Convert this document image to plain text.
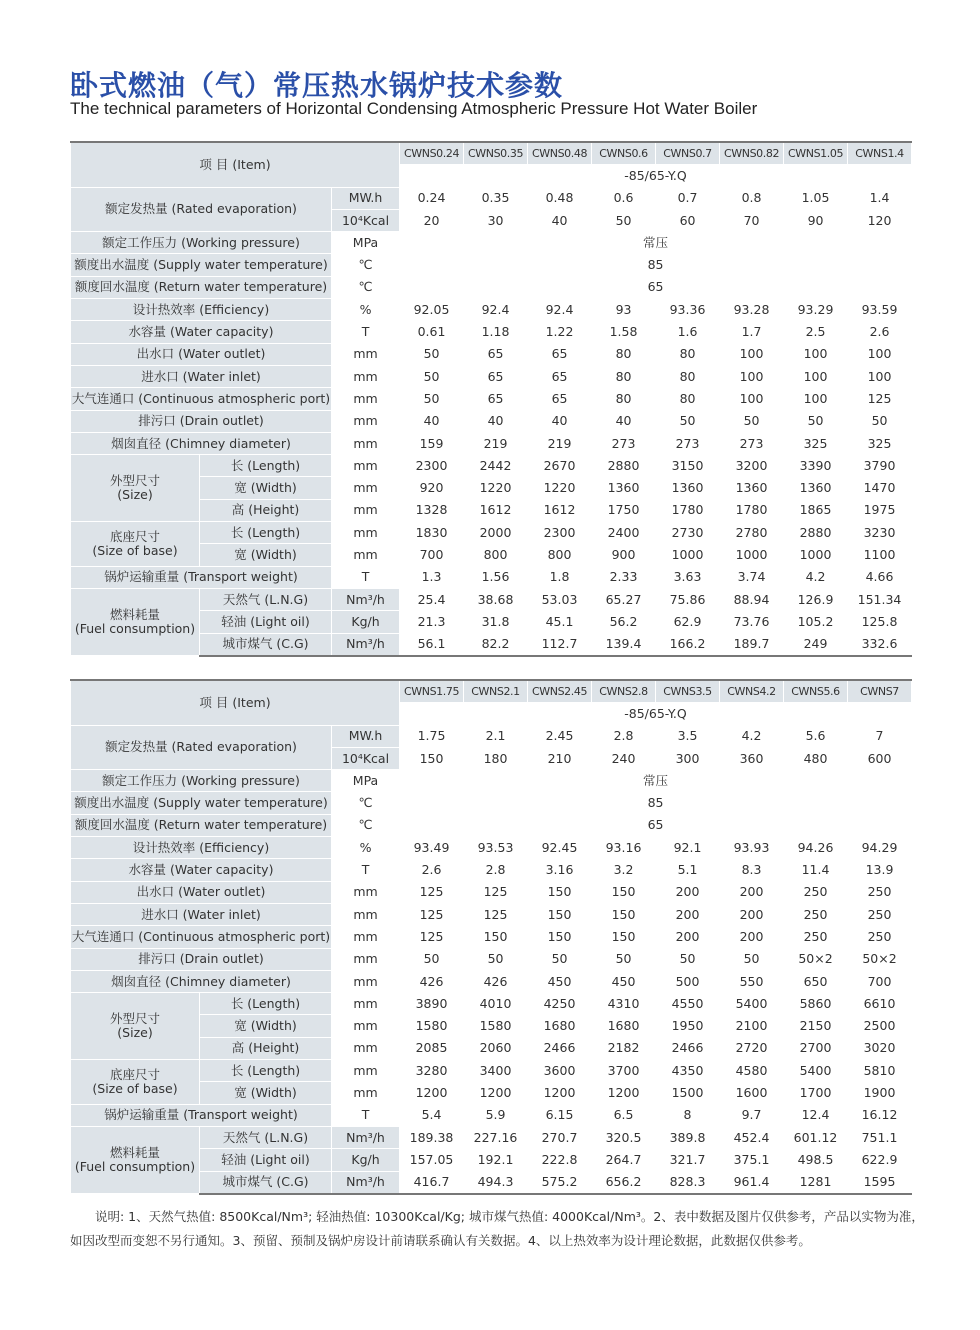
卧式燃油（气）常压热水锅炉技术参数
The technical parameters of Horizontal Condensing Atmospheric Pressure Hot Water Boiler
项 目 (Item)			CWNS0.24	CWNS0.35	CWNS0.48	CWNS0.6	CWNS0.7	CWNS0.82	CWNS1.05	CWNS1.4
			-85/65-Y.Q							
额定发热量 (Rated evaporation)		MW.h	0.24	0.35	0.48	0.6	0.7	0.8	1.05	1.4
		10⁴Kcal	20	30	40	50	60	70	90	120
额定工作压力 (Working pressure)		MPa	常压							
额度出水温度 (Supply water temperature)		℃	85							
额度回水温度 (Return water temperature)		℃	65							
设计热效率 (Efficiency)		%	92.05	92.4	92.4	93	93.36	93.28	93.29	93.59
水容量 (Water capacity)		T	0.61	1.18	1.22	1.58	1.6	1.7	2.5	2.6
出水口 (Water outlet)		mm	50	65	65	80	80	100	100	100
进水口 (Water inlet)		mm	50	65	65	80	80	100	100	100
大气连通口 (Continuous atmospheric port)		mm	50	65	65	80	80	100	100	125
排污口 (Drain outlet)		mm	40	40	40	40	50	50	50	50
烟囱直径 (Chimney diameter)		mm	159	219	219	273	273	273	325	325
外型尺寸
(Size)	长 (Length)	mm	2300	2442	2670	2880	3150	3200	3390	3790
	宽 (Width)	mm	920	1220	1220	1360	1360	1360	1360	1470
	高 (Height)	mm	1328	1612	1612	1750	1780	1780	1865	1975
底座尺寸
(Size of base)	长 (Length)	mm	1830	2000	2300	2400	2730	2780	2880	3230
	宽 (Width)	mm	700	800	800	900	1000	1000	1000	1100
锅炉运输重量 (Transport weight)		T	1.3	1.56	1.8	2.33	3.63	3.74	4.2	4.66
燃料耗量
(Fuel consumption)	天然气 (L.N.G)	Nm³/h	25.4	38.68	53.03	65.27	75.86	88.94	126.9	151.34
	轻油 (Light oil)	Kg/h	21.3	31.8	45.1	56.2	62.9	73.76	105.2	125.8
	城市煤气 (C.G)	Nm³/h	56.1	82.2	112.7	139.4	166.2	189.7	249	332.6
项 目 (Item)			CWNS1.75	CWNS2.1	CWNS2.45	CWNS2.8	CWNS3.5	CWNS4.2	CWNS5.6	CWNS7
			-85/65-Y.Q							
额定发热量 (Rated evaporation)		MW.h	1.75	2.1	2.45	2.8	3.5	4.2	5.6	7
		10⁴Kcal	150	180	210	240	300	360	480	600
额定工作压力 (Working pressure)		MPa	常压							
额度出水温度 (Supply water temperature)		℃	85							
额度回水温度 (Return water temperature)		℃	65							
设计热效率 (Efficiency)		%	93.49	93.53	92.45	93.16	92.1	93.93	94.26	94.29
水容量 (Water capacity)		T	2.6	2.8	3.16	3.2	5.1	8.3	11.4	13.9
出水口 (Water outlet)		mm	125	125	150	150	200	200	250	250
进水口 (Water inlet)		mm	125	125	150	150	200	200	250	250
大气连通口 (Continuous atmospheric port)		mm	125	150	150	150	200	200	250	250
排污口 (Drain outlet)		mm	50	50	50	50	50	50	50×2	50×2
烟囱直径 (Chimney diameter)		mm	426	426	450	450	500	550	650	700
外型尺寸
(Size)	长 (Length)	mm	3890	4010	4250	4310	4550	5400	5860	6610
	宽 (Width)	mm	1580	1580	1680	1680	1950	2100	2150	2500
	高 (Height)	mm	2085	2060	2466	2182	2466	2720	2700	3020
底座尺寸
(Size of base)	长 (Length)	mm	3280	3400	3600	3700	4350	4580	5400	5810
	宽 (Width)	mm	1200	1200	1200	1200	1500	1600	1700	1900
锅炉运输重量 (Transport weight)		T	5.4	5.9	6.15	6.5	8	9.7	12.4	16.12
燃料耗量
(Fuel consumption)	天然气 (L.N.G)	Nm³/h	189.38	227.16	270.7	320.5	389.8	452.4	601.12	751.1
	轻油 (Light oil)	Kg/h	157.05	192.1	222.8	264.7	321.7	375.1	498.5	622.9
	城市煤气 (C.G)	Nm³/h	416.7	494.3	575.2	656.2	828.3	961.4	1281	1595
说明: 1、天然气热值: 8500Kcal/Nm³; 轻油热值: 10300Kcal/Kg; 城市煤气热值: 4000Kcal/Nm³。2、表中数据及图片仅供参考，产品以实物为准，
如因改型而变恕不另行通知。3、预留、预制及锅炉房设计前请联系确认有关数据。4、以上热效率为设计理论数据，此数据仅供参考。
